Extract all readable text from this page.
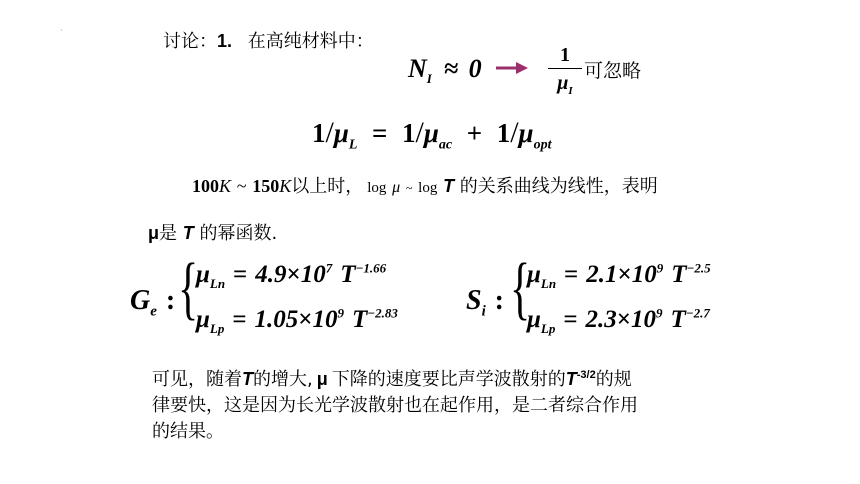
·
讨论：1. 在高纯材料中：
$N_I \approx 0$	1
$\mu_I$
可忽略
$1/\mu_L = 1/\mu_{ac} + 1/\mu_{opt}$
100K ~ 150K以上时， log μ ~ log T 的关系曲线为线性，表明
μ是 T 的幂函数.
$G_e$ : {
$\mu_{Ln} = 4.9\times 10^7$ $T^{-1.66}$
$\mu_{Lp} = 1.05\times 10^9$ $T^{-2.83}$ $S_i$ : {
$\mu_{Ln} = 2.1\times 10^9$ $T^{-2.5}$
$\mu_{Lp} = 2.3\times 10^9$ $T^{-2.7}$
可见，随着T的增大, μ 下降的速度要比声学波散射的$T^{-3/2}$的规
律要快，这是因为长光学波散射也在起作用，是二者综合作用
的结果。
